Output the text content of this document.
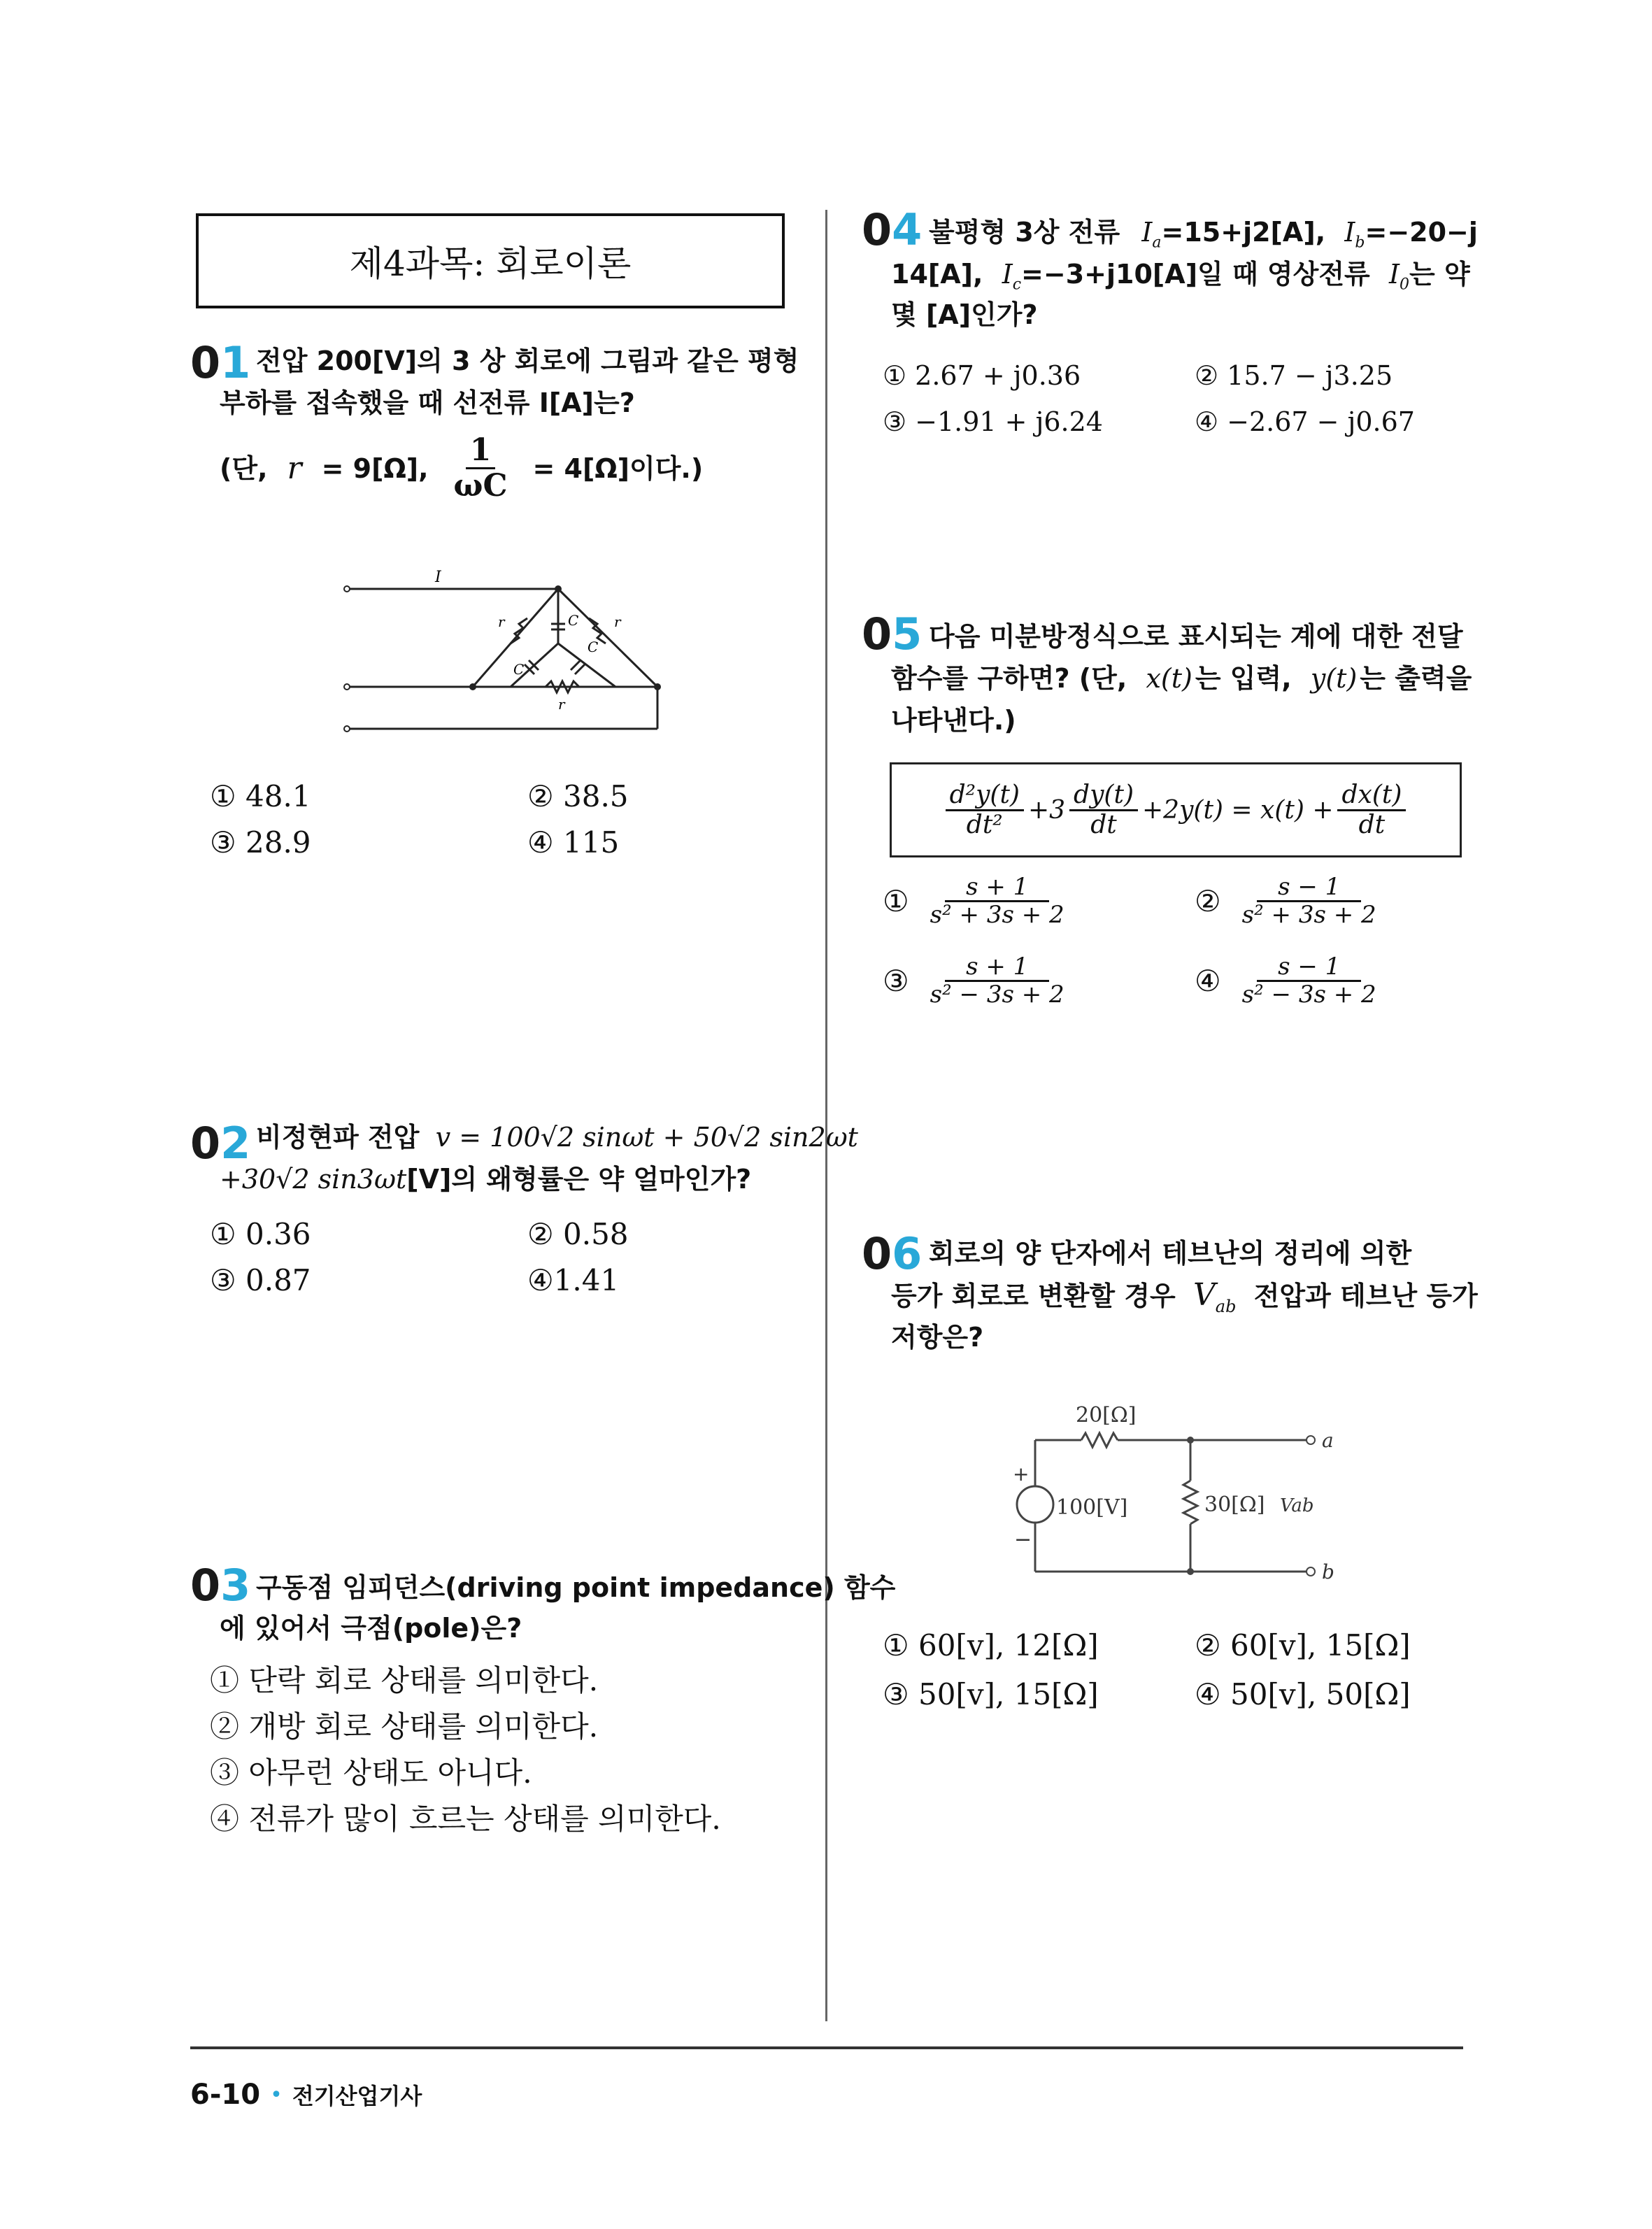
제4과목: 회로이론
01 전압 200[V]의 3 상 회로에 그림과 같은 평형
부하를 접속했을 때 선전류 I[A]는?
(단, r = 9[Ω], $\frac{1}{\omega C} = 4[\Omega]$이다.)
I
r	r
C
C
C
r
① 48.1	② 38.5
③ 28.9	④ 115
02 비정현파 전압 v = 100√2 sinωt + 50√2 sin2ωt
+30√2 sin3ωt[V]의 왜형률은 약 얼마인가?
① 0.36	② 0.58
③ 0.87	④1.41
03 구동점 임피던스(driving point impedance) 함수
에 있어서 극점(pole)은?
① 단락 회로 상태를 의미한다.
② 개방 회로 상태를 의미한다.
③ 아무런 상태도 아니다.
④ 전류가 많이 흐르는 상태를 의미한다.
04 불평형 3상 전류 $I_a=15+j2[A]$, $I_b=-20-j$
14[A], $I_c=-3+j10[A]$일 때 영상전류 $I_0$는 약
몇 [A]인가?
① 2.67 + j0.36	② 15.7 − j3.25
③ −1.91 + j6.24	④ −2.67 − j0.67
05 다음 미분방정식으로 표시되는 계에 대한 전달
함수를 구하면? (단, x(t) 는 입력, y(t) 는 출력을
나타낸다.)
$\frac{\text{d²y(t)}}{\text{dt²}} +3 \frac{dy(t)}{dt} +2y(t) = x(t) + \frac{dx(t)}{dt}$
① $\frac{s + 1}{\text{s² + 3s + 2}}$	② $\frac{s - 1}{\text{s² + 3s + 2}}$
③ $\frac{s + 1}{\text{s² − 3s + 2}}$	④ $\frac{s - 1}{\text{s² − 3s + 2}}$
06 회로의 양 단자에서 테브난의 정리에 의한
등가 회로로 변환할 경우 $V_{ab}$ 전압과 테브난 등가
저항은?
20[Ω]
100[V]	30[Ω] Vab
a
b
+
−
① 60[v], 12[Ω]	② 60[v], 15[Ω]
③ 50[v], 15[Ω]	④ 50[v], 50[Ω]
6-10 • 전기산업기사
